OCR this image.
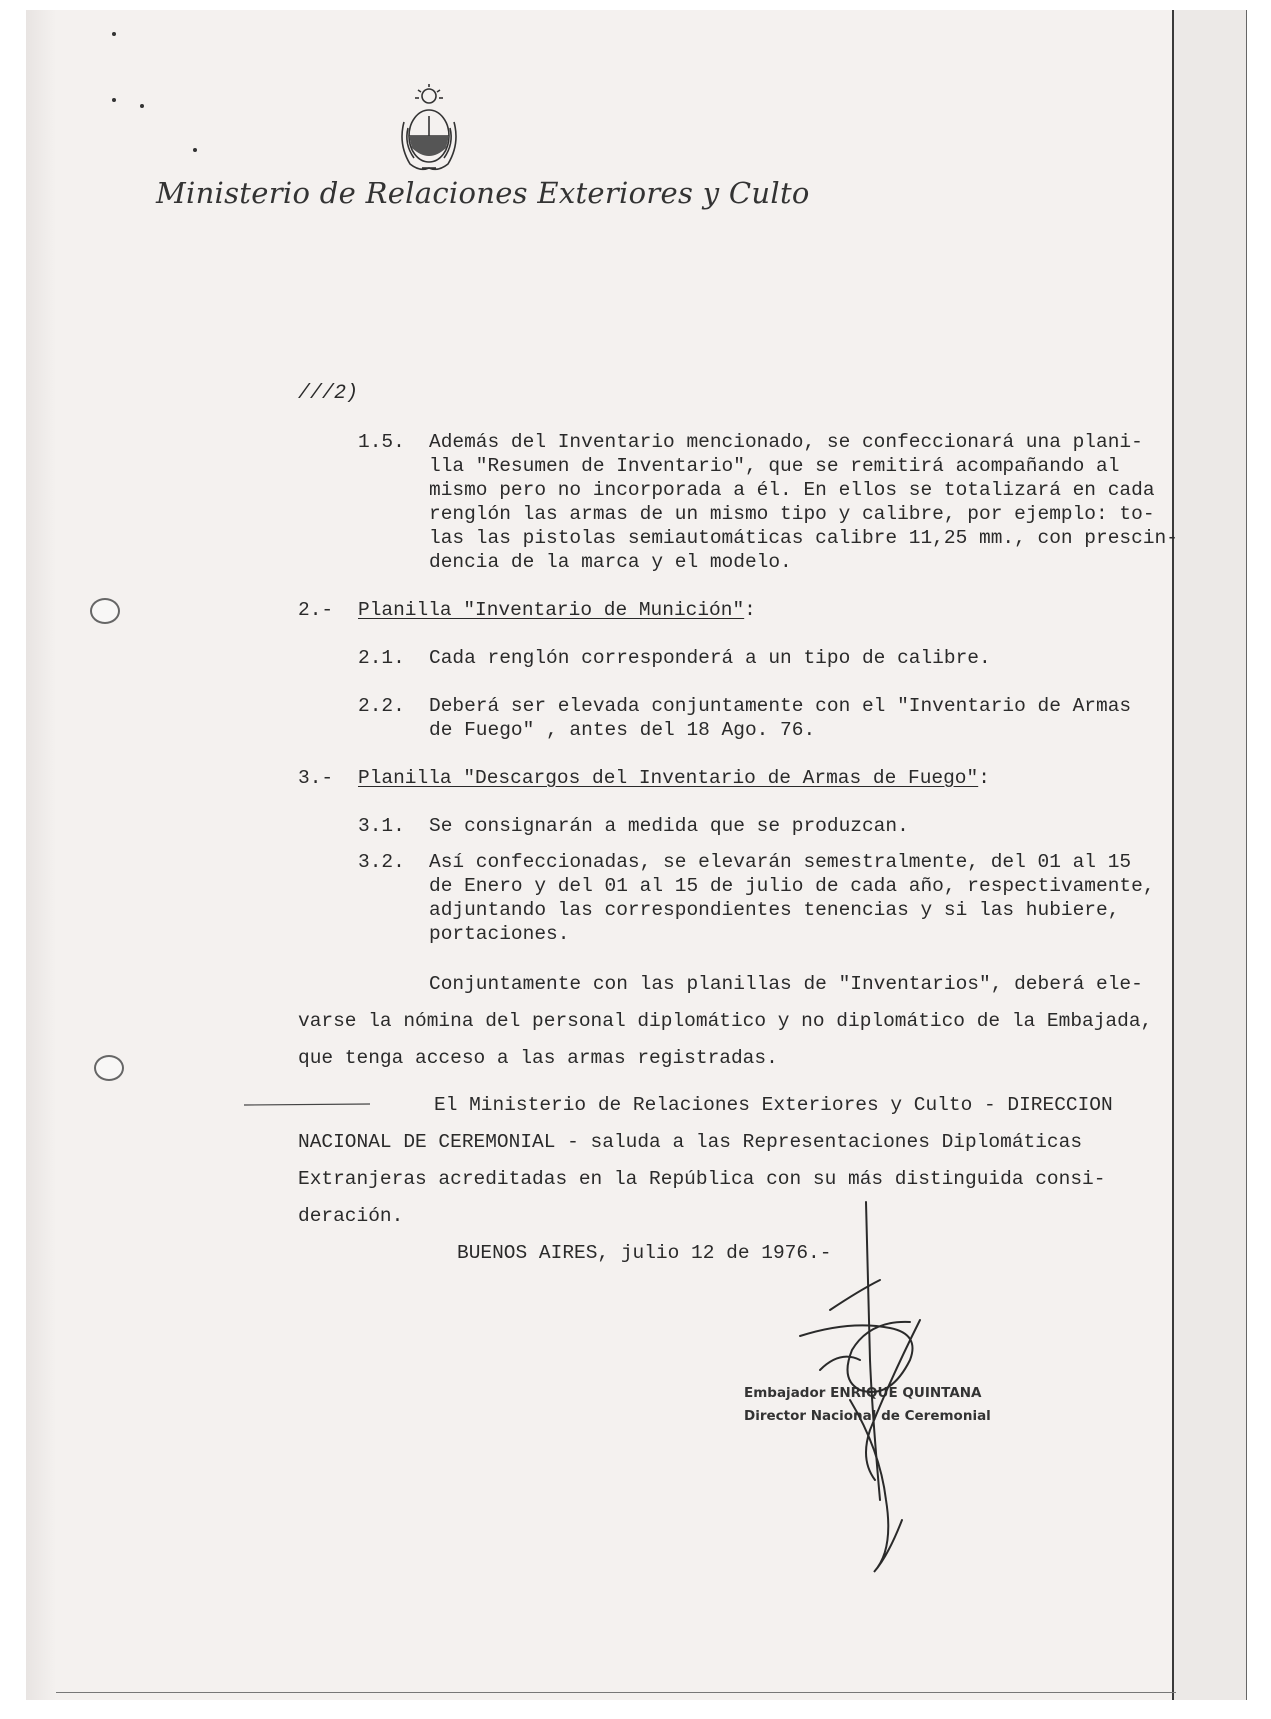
Ministerio de Relaciones Exteriores y Culto
///2)
1.5. Además del Inventario mencionado, se confeccionará una plani-
lla "Resumen de Inventario", que se remitirá acompañando al
mismo pero no incorporada a él. En ellos se totalizará en cada
renglón las armas de un mismo tipo y calibre, por ejemplo: to-
las las pistolas semiautomáticas calibre 11,25 mm., con prescin-
dencia de la marca y el modelo.
2.- Planilla "Inventario de Munición":
2.1. Cada renglón corresponderá a un tipo de calibre.
2.2. Deberá ser elevada conjuntamente con el "Inventario de Armas
de Fuego" , antes del 18 Ago. 76.
3.- Planilla "Descargos del Inventario de Armas de Fuego":
3.1. Se consignarán a medida que se produzcan.
3.2. Así confeccionadas, se elevarán semestralmente, del 01 al 15
de Enero y del 01 al 15 de julio de cada año, respectivamente,
adjuntando las correspondientes tenencias y si las hubiere,
portaciones.
Conjuntamente con las planillas de "Inventarios", deberá ele-
varse la nómina del personal diplomático y no diplomático de la Embajada,
que tenga acceso a las armas registradas.
El Ministerio de Relaciones Exteriores y Culto - DIRECCION
NACIONAL DE CEREMONIAL - saluda a las Representaciones Diplomáticas
Extranjeras acreditadas en la República con su más distinguida consi-
deración.
BUENOS AIRES, julio 12 de 1976.-
Embajador ENRIQUE QUINTANA
Director Nacional de Ceremonial
